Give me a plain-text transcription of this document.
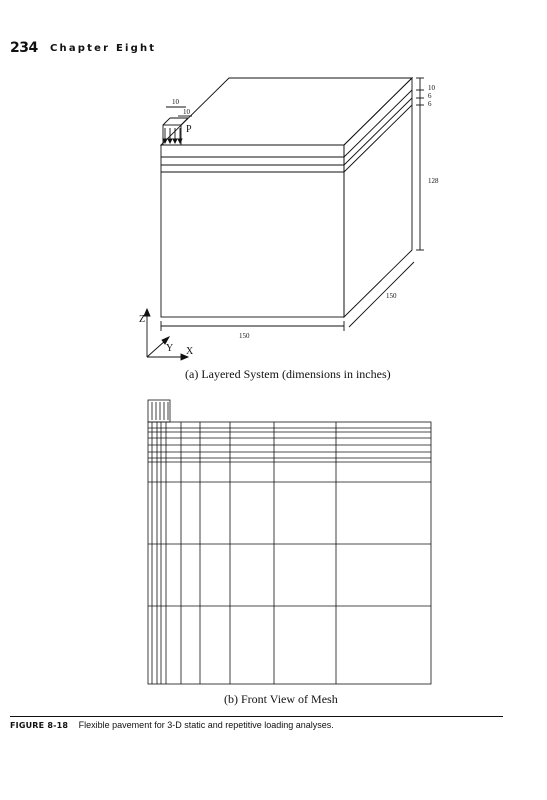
234 Chapter Eight
P
10
10
10
6
6
128
150
150
Z
Y X
(a) Layered System (dimensions in inches)
(b) Front View of Mesh
FIGURE 8-18 Flexible pavement for 3-D static and repetitive loading analyses.
